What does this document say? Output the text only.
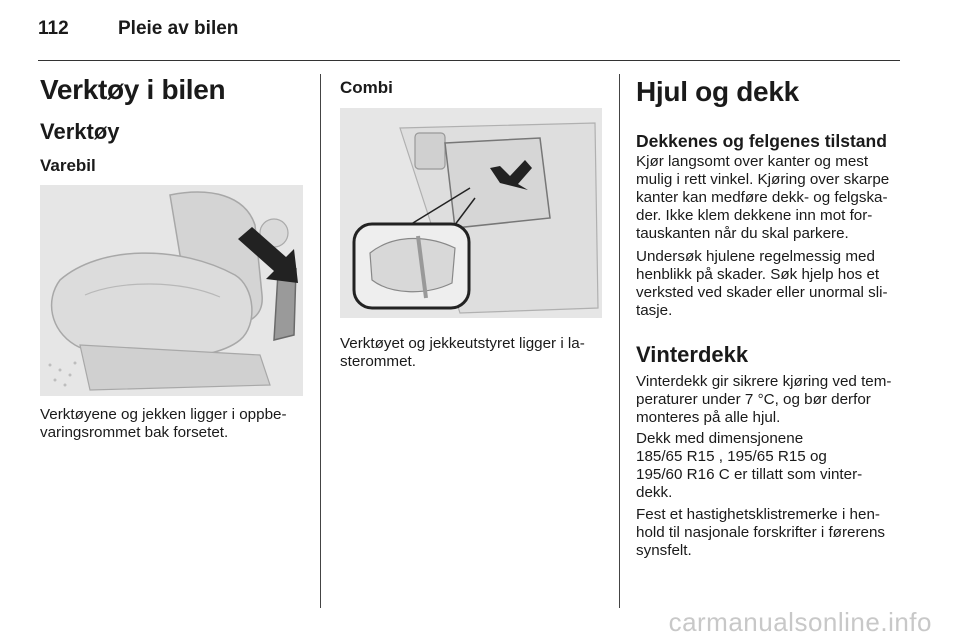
112	Pleie av bilen
Verktøy i bilen
Verktøy
Varebil
Verktøyene og jekken ligger i oppbe-
varingsrommet bak forsetet.
Combi
Verktøyet og jekkeutstyret ligger i la-
sterommet.
Hjul og dekk
Dekkenes og felgenes tilstand
Kjør langsomt over kanter og mest
mulig i rett vinkel. Kjøring over skarpe
kanter kan medføre dekk- og felgska-
der. Ikke klem dekkene inn mot for-
tauskanten når du skal parkere.
Undersøk hjulene regelmessig med
henblikk på skader. Søk hjelp hos et
verksted ved skader eller unormal sli-
tasje.
Vinterdekk
Vinterdekk gir sikrere kjøring ved tem-
peraturer under 7 °C, og bør derfor
monteres på alle hjul.
Dekk med dimensjonene
185/65 R15 , 195/65 R15 og
195/60 R16 C er tillatt som vinter-
dekk.
Fest et hastighetsklistremerke i hen-
hold til nasjonale forskrifter i førerens
synsfelt.
carmanualsonline.info
